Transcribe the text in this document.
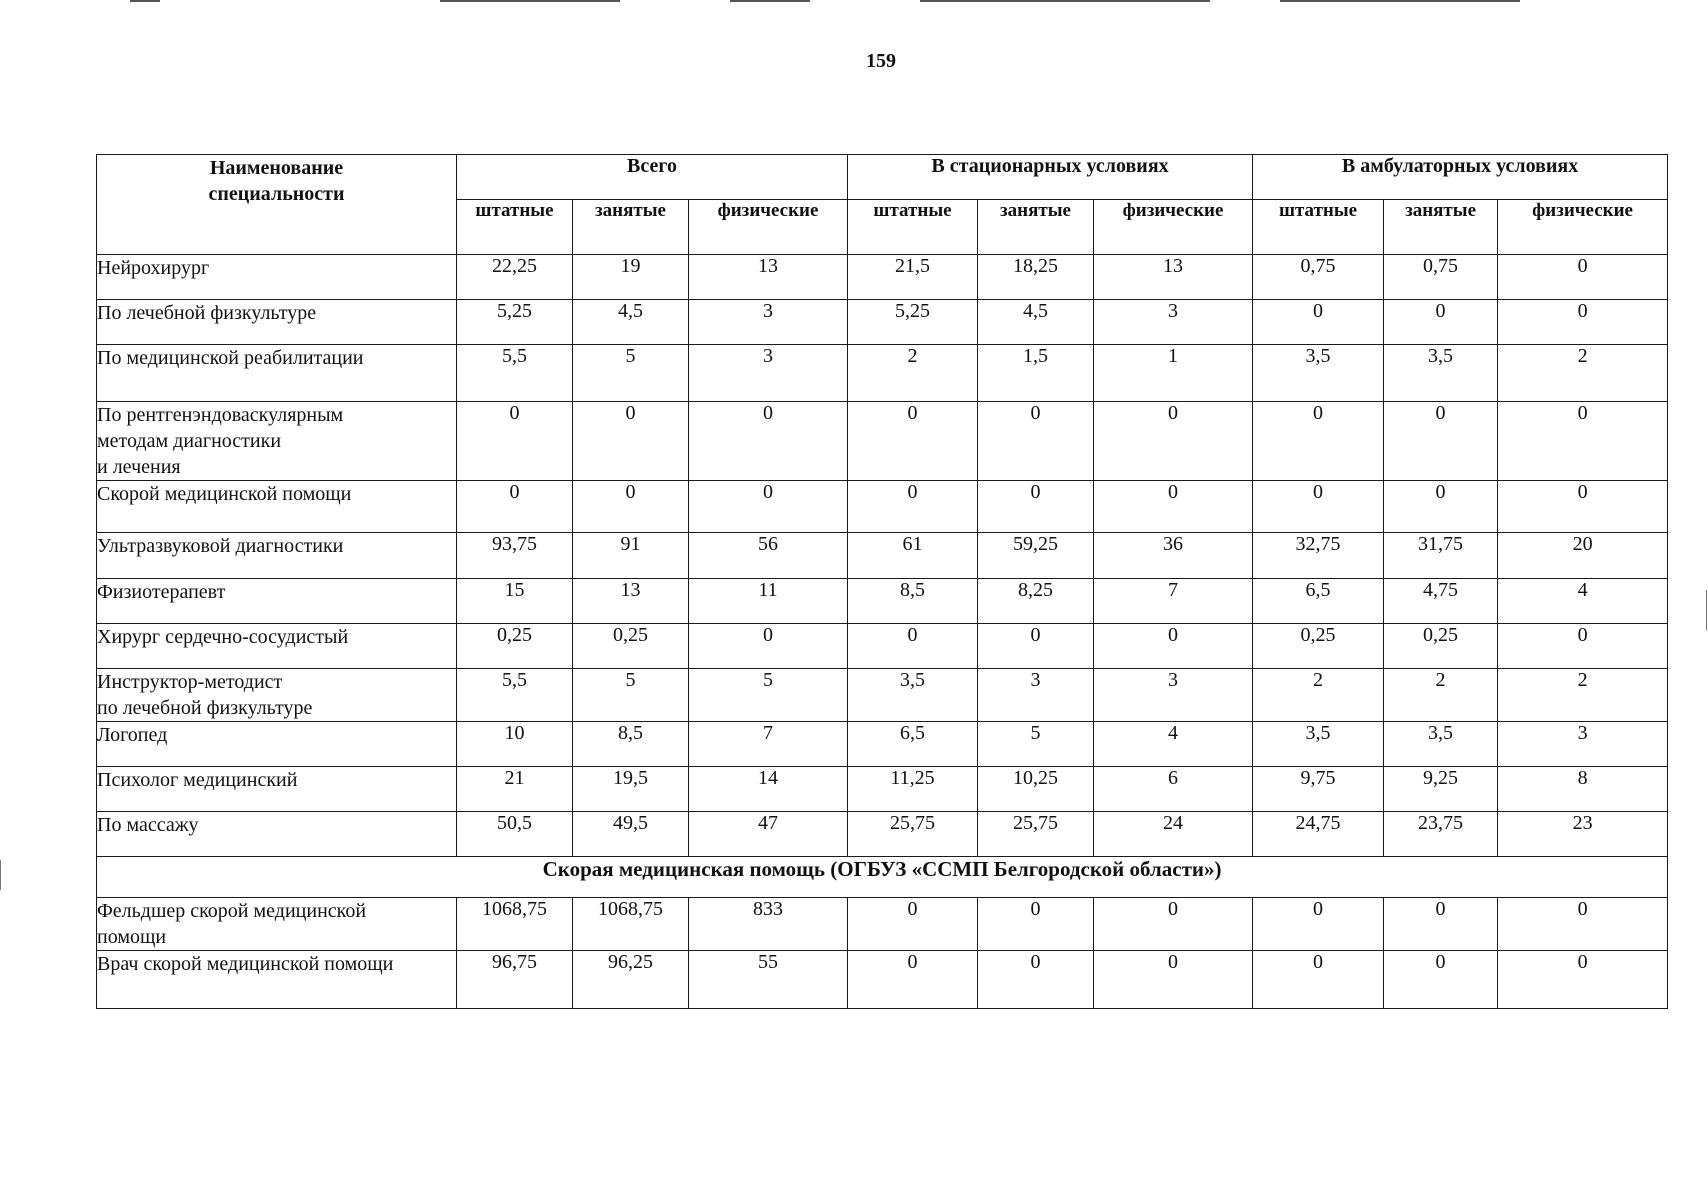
159
Наименование
специальности	Всего			В стационарных условиях			В амбулаторных условиях		
	штатные	занятые	физические	штатные	занятые	физические	штатные	занятые	физические

Нейрохирург	22,25	19	13	21,5	18,25	13	0,75	0,75	0

По лечебной физкультуре	5,25	4,5	3	5,25	4,5	3	0	0	0

По медицинской реабилитации	5,5	5	3	2	1,5	1	3,5	3,5	2

По рентгенэндоваскулярным
методам диагностики
и лечения	0	0	0	0	0	0	0	0	0

Скорой медицинской помощи	0	0	0	0	0	0	0	0	0

Ультразвуковой диагностики	93,75	91	56	61	59,25	36	32,75	31,75	20

Физиотерапевт	15	13	11	8,5	8,25	7	6,5	4,75	4

Хирург сердечно-сосудистый	0,25	0,25	0	0	0	0	0,25	0,25	0

Инструктор-методист
по лечебной физкультуре	5,5	5	5	3,5	3	3	2	2	2

Логопед	10	8,5	7	6,5	5	4	3,5	3,5	3

Психолог медицинский	21	19,5	14	11,25	10,25	6	9,75	9,25	8

По массажу	50,5	49,5	47	25,75	25,75	24	24,75	23,75	23
Скорая медицинская помощь (ОГБУЗ «ССМП Белгородской области»)									

Фельдшер скорой медицинской
помощи	1068,75	1068,75	833	0	0	0	0	0	0

Врач скорой медицинской помощи	96,75	96,25	55	0	0	0	0	0	0
